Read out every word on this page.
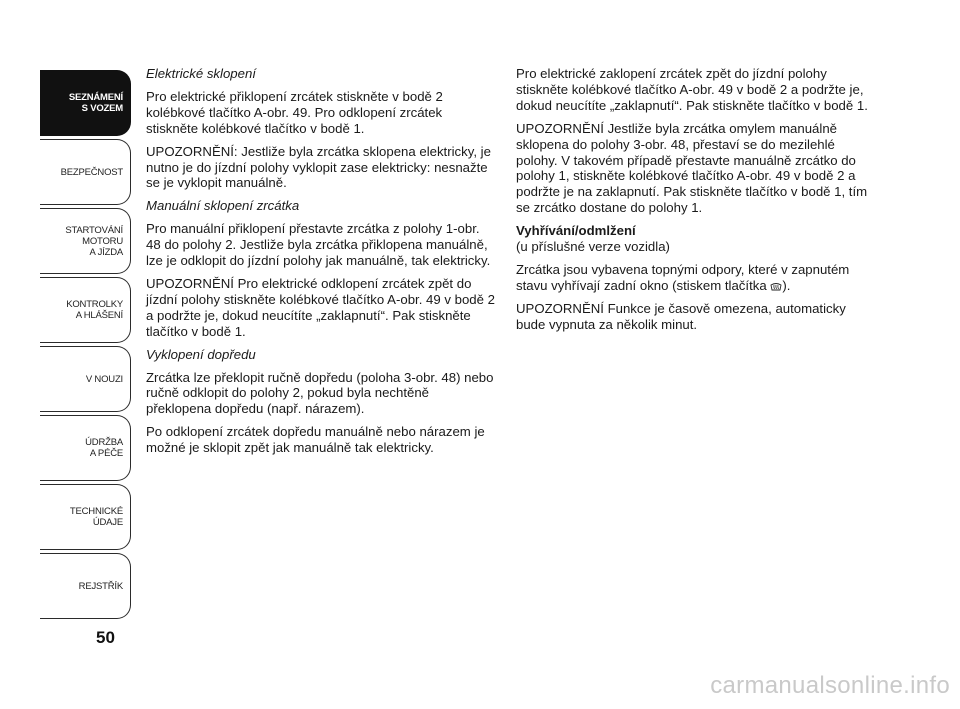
SEZNÁMENÍ
S VOZEM
BEZPEČNOST
STARTOVÁNÍ
MOTORU
A JÍZDA
KONTROLKY
A HLÁŠENÍ
V NOUZI
ÚDRŽBA
A PÉČE
TECHNICKÉ
ÚDAJE
REJSTŘÍK
50

Elektrické sklopení

Pro elektrické přiklopení zrcátek stiskněte v bodě 2 kolébkové tlačítko A-obr. 49. Pro odklopení zrcátek stiskněte kolébkové tlačítko v bodě 1.

UPOZORNĚNÍ: Jestliže byla zrcátka sklopena elektricky, je nutno je do jízdní polohy vyklopit zase elektricky: nesnažte se je vyklopit manuálně.

Manuální sklopení zrcátka

Pro manuální přiklopení přestavte zrcátka z polohy 1-obr. 48 do polohy 2. Jestliže byla zrcátka přiklopena manuálně, lze je odklopit do jízdní polohy jak manuálně, tak elektricky.

UPOZORNĚNÍ Pro elektrické odklopení zrcátek zpět do jízdní polohy stiskněte kolébkové tlačítko A-obr. 49 v bodě 2 a podržte je, dokud neucítíte „zaklapnutí“. Pak stiskněte tlačítko v bodě 1.

Vyklopení dopředu

Zrcátka lze překlopit ručně dopředu (poloha 3-obr. 48) nebo ručně odklopit do polohy 2, pokud byla nechtěně překlopena dopředu (např. nárazem).

Po odklopení zrcátek dopředu manuálně nebo nárazem je možné je sklopit zpět jak manuálně tak elektricky.

Pro elektrické zaklopení zrcátek zpět do jízdní polohy stiskněte kolébkové tlačítko A-obr. 49 v bodě 2 a podržte je, dokud neucítíte „zaklapnutí“. Pak stiskněte tlačítko v bodě 1.

UPOZORNĚNÍ Jestliže byla zrcátka omylem manuálně sklopena do polohy 3-obr. 48, přestaví se do mezilehlé polohy. V takovém případě přestavte manuálně zrcátko do polohy 1, stiskněte kolébkové tlačítko A-obr. 49 v bodě 2 a podržte je na zaklapnutí. Pak stiskněte tlačítko v bodě 1, tím se zrcátko dostane do polohy 1.

Vyhřívání/odmlžení

(u příslušné verze vozidla)

Zrcátka jsou vybavena topnými odpory, které v zapnutém stavu vyhřívají zadní okno (stiskem tlačítka ).

UPOZORNĚNÍ Funkce je časově omezena, automaticky bude vypnuta za několik minut.

carmanualsonline.info
